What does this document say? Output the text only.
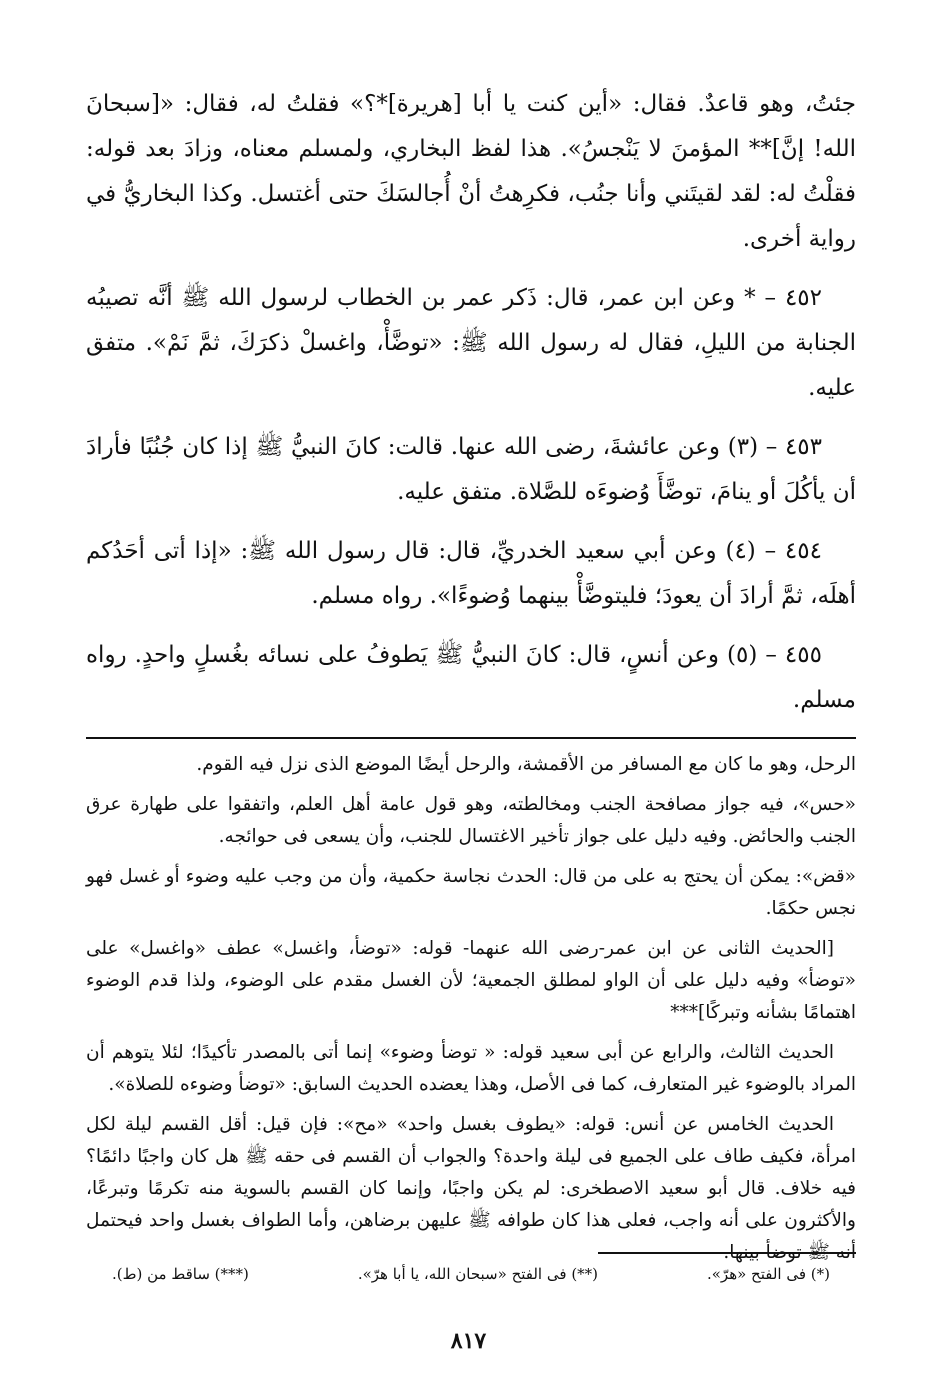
جئتُ، وهو قاعدٌ. فقال: «أين كنت يا أبا [هريرة]*؟» فقلتُ له، فقال: «[سبحانَ الله! إنَّ]** المؤمنَ لا يَنْجسُ». هذا لفظ البخاري، ولمسلم معناه، وزادَ بعد قوله: فقلْتُ له: لقد لقيتَني وأنا جنُب، فكرِهتُ أنْ أُجالسَكَ حتى أغتسل. وكذا البخاريُّ في رواية أخرى.

٤٥٢ – * وعن ابن عمر، قال: ذَكر عمر بن الخطاب لرسول الله ﷺ أنَّه تصيبُه الجنابة من الليلِ، فقال له رسول الله ﷺ: «توضَّأْ، واغسلْ ذكرَكَ، ثمَّ نَمْ». متفق عليه.

٤٥٣ – (٣) وعن عائشةَ، رضى الله عنها. قالت: كانَ النبيُّ ﷺ إذا كان جُنُبًا فأرادَ أن يأكُلَ أو ينامَ، توضَّأَ وُضوءَه للصَّلاة. متفق عليه.

٤٥٤ – (٤) وعن أبي سعيد الخدريِّ، قال: قال رسول الله ﷺ: «إذا أتى أحَدُكم أهلَه، ثمَّ أرادَ أن يعودَ؛ فليتوضَّأْ بينهما وُضوءًا». رواه مسلم.

٤٥٥ – (٥) وعن أنسٍ، قال: كانَ النبيُّ ﷺ يَطوفُ على نسائه بغُسلٍ واحدٍ. رواه مسلم.

الرحل، وهو ما كان مع المسافر من الأقمشة، والرحل أيضًا الموضع الذى نزل فيه القوم.

«حس»، فيه جواز مصافحة الجنب ومخالطته، وهو قول عامة أهل العلم، واتفقوا على طهارة عرق الجنب والحائض. وفيه دليل على جواز تأخير الاغتسال للجنب، وأن يسعى فى حوائجه.

«قض»: يمكن أن يحتج به على من قال: الحدث نجاسة حكمية، وأن من وجب عليه وضوء أو غسل فهو نجس حكمًا.

[الحديث الثانى عن ابن عمر-رضى الله عنهما- قوله: «توضأ، واغسل» عطف «واغسل» على «توضأ» وفيه دليل على أن الواو لمطلق الجمعية؛ لأن الغسل مقدم على الوضوء، ولذا قدم الوضوء اهتمامًا بشأنه وتبركًا]***

الحديث الثالث، والرابع عن أبى سعيد قوله: « توضأ وضوء» إنما أتى بالمصدر تأكيدًا؛ لئلا يتوهم أن المراد بالوضوء غير المتعارف، كما فى الأصل، وهذا يعضده الحديث السابق: «توضأ وضوءه للصلاة».

الحديث الخامس عن أنس: قوله: «يطوف بغسل واحد» «مح»: فإن قيل: أقل القسم ليلة لكل امرأة، فكيف طاف على الجميع فى ليلة واحدة؟ والجواب أن القسم فى حقه ﷺ هل كان واجبًا دائمًا؟ فيه خلاف. قال أبو سعيد الاصطخرى: لم يكن واجبًا، وإنما كان القسم بالسوية منه تكرمًا وتبرعًا، والأكثرون على أنه واجب، فعلى هذا كان طوافه ﷺ عليهن برضاهن، وأما الطواف بغسل واحد فيحتمل أنه ﷺ توضأ بينها.

(*) فى الفتح «هرّ».
(**) فى الفتح «سبحان الله، يا أبا هرّ».
(***) ساقط من (ط).
٨١٧
